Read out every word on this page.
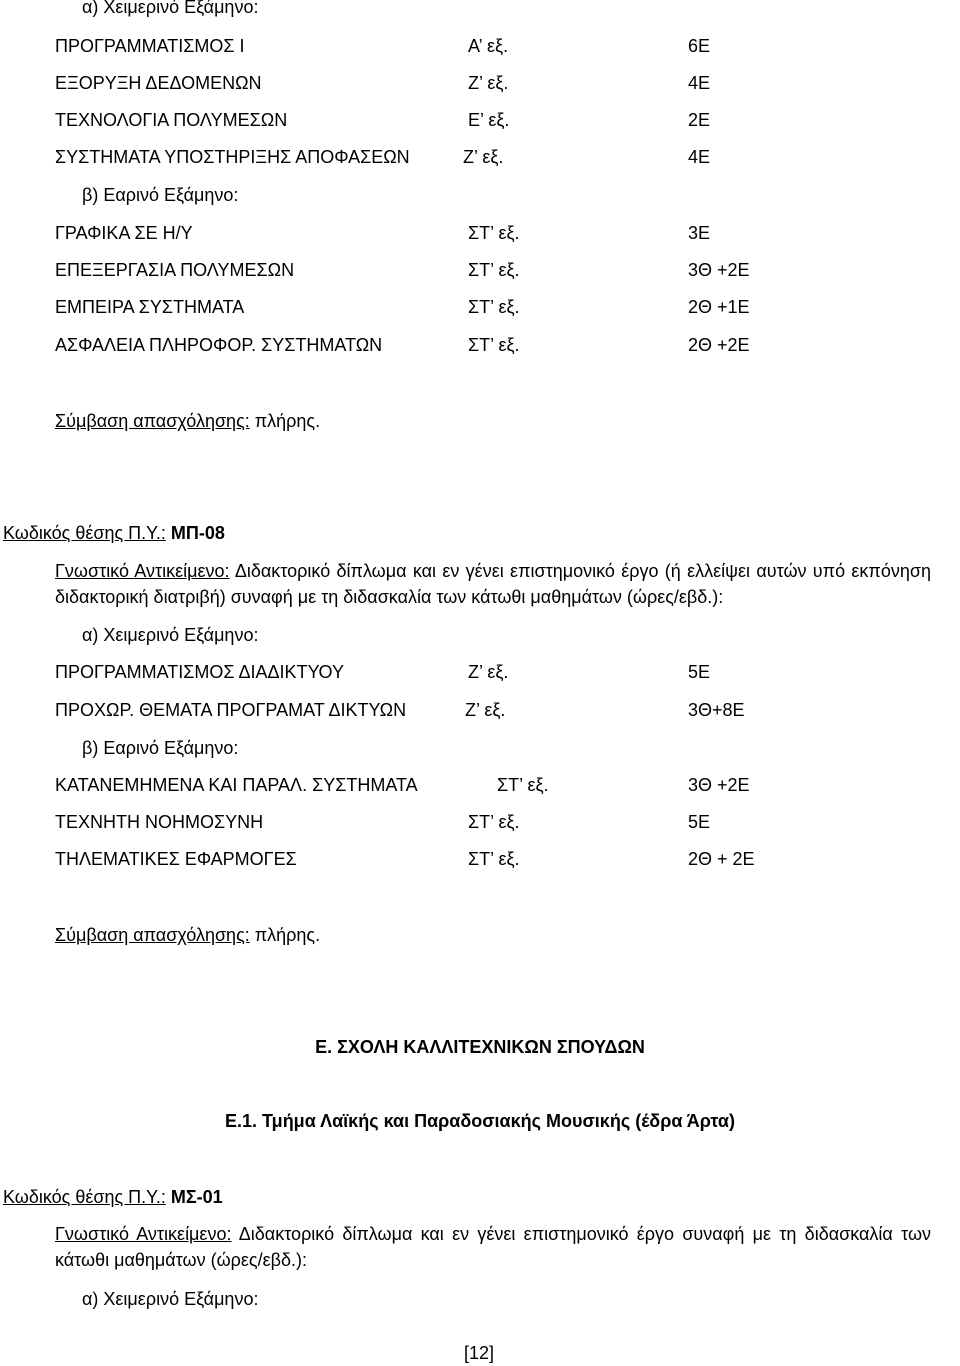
α) Χειμερινό Εξάμηνο:
ΠΡΟΓΡΑΜΜΑΤΙΣΜΟΣ Ι	Α’ εξ.	6Ε
ΕΞΟΡΥΞΗ ΔΕΔΟΜΕΝΩΝ	Ζ’ εξ.	4Ε
ΤΕΧΝΟΛΟΓΙΑ ΠΟΛΥΜΕΣΩΝ	Ε’ εξ.	2Ε
ΣΥΣΤΗΜΑΤΑ ΥΠΟΣΤΗΡΙΞΗΣ ΑΠΟΦΑΣΕΩΝ	Ζ’ εξ.	4Ε
β) Εαρινό Εξάμηνο:
ΓΡΑΦΙΚΑ ΣΕ Η/Υ	ΣΤ’ εξ.	3Ε
ΕΠΕΞΕΡΓΑΣΙΑ ΠΟΛΥΜΕΣΩΝ	ΣΤ’ εξ.	3Θ +2Ε
ΕΜΠΕΙΡΑ ΣΥΣΤΗΜΑΤΑ	ΣΤ’ εξ.	2Θ +1Ε
ΑΣΦΑΛΕΙΑ ΠΛΗΡΟΦΟΡ. ΣΥΣΤΗΜΑΤΩΝ	ΣΤ’ εξ.	2Θ +2Ε
Σύμβαση απασχόλησης: πλήρης.
Κωδικός θέσης Π.Υ.: ΜΠ-08
Γνωστικό Αντικείμενο: Διδακτορικό δίπλωμα και εν γένει επιστημονικό έργο (ή ελλείψει αυτών υπό εκπόνηση διδακτορική διατριβή) συναφή με τη διδασκαλία των κάτωθι μαθημάτων (ώρες/εβδ.):
α) Χειμερινό Εξάμηνο:
ΠΡΟΓΡΑΜΜΑΤΙΣΜΟΣ ΔΙΑΔΙΚΤΥΟΥ	Ζ’ εξ.	5Ε
ΠΡΟΧΩΡ. ΘΕΜΑΤΑ ΠΡΟΓΡΑΜΑΤ ΔΙΚΤΥΩΝ	Ζ’ εξ.	3Θ+8Ε
β) Εαρινό Εξάμηνο:
ΚΑΤΑΝΕΜΗΜΕΝΑ ΚΑΙ ΠΑΡΑΛ. ΣΥΣΤΗΜΑΤΑ	ΣΤ’ εξ.	3Θ +2Ε
ΤΕΧΝΗΤΗ ΝΟΗΜΟΣΥΝΗ	ΣΤ’ εξ.	5Ε
ΤΗΛΕΜΑΤΙΚΕΣ ΕΦΑΡΜΟΓΕΣ	ΣΤ’ εξ.	2Θ + 2Ε
Σύμβαση απασχόλησης: πλήρης.
Ε. ΣΧΟΛΗ ΚΑΛΛΙΤΕΧΝΙΚΩΝ ΣΠΟΥΔΩΝ
Ε.1. Τμήμα Λαϊκής και Παραδοσιακής Μουσικής (έδρα Άρτα)
Κωδικός θέσης Π.Υ.: ΜΣ-01
Γνωστικό Αντικείμενο: Διδακτορικό δίπλωμα και εν γένει επιστημονικό έργο συναφή με τη διδασκαλία των κάτωθι μαθημάτων (ώρες/εβδ.):
α) Χειμερινό Εξάμηνο:
[12]
